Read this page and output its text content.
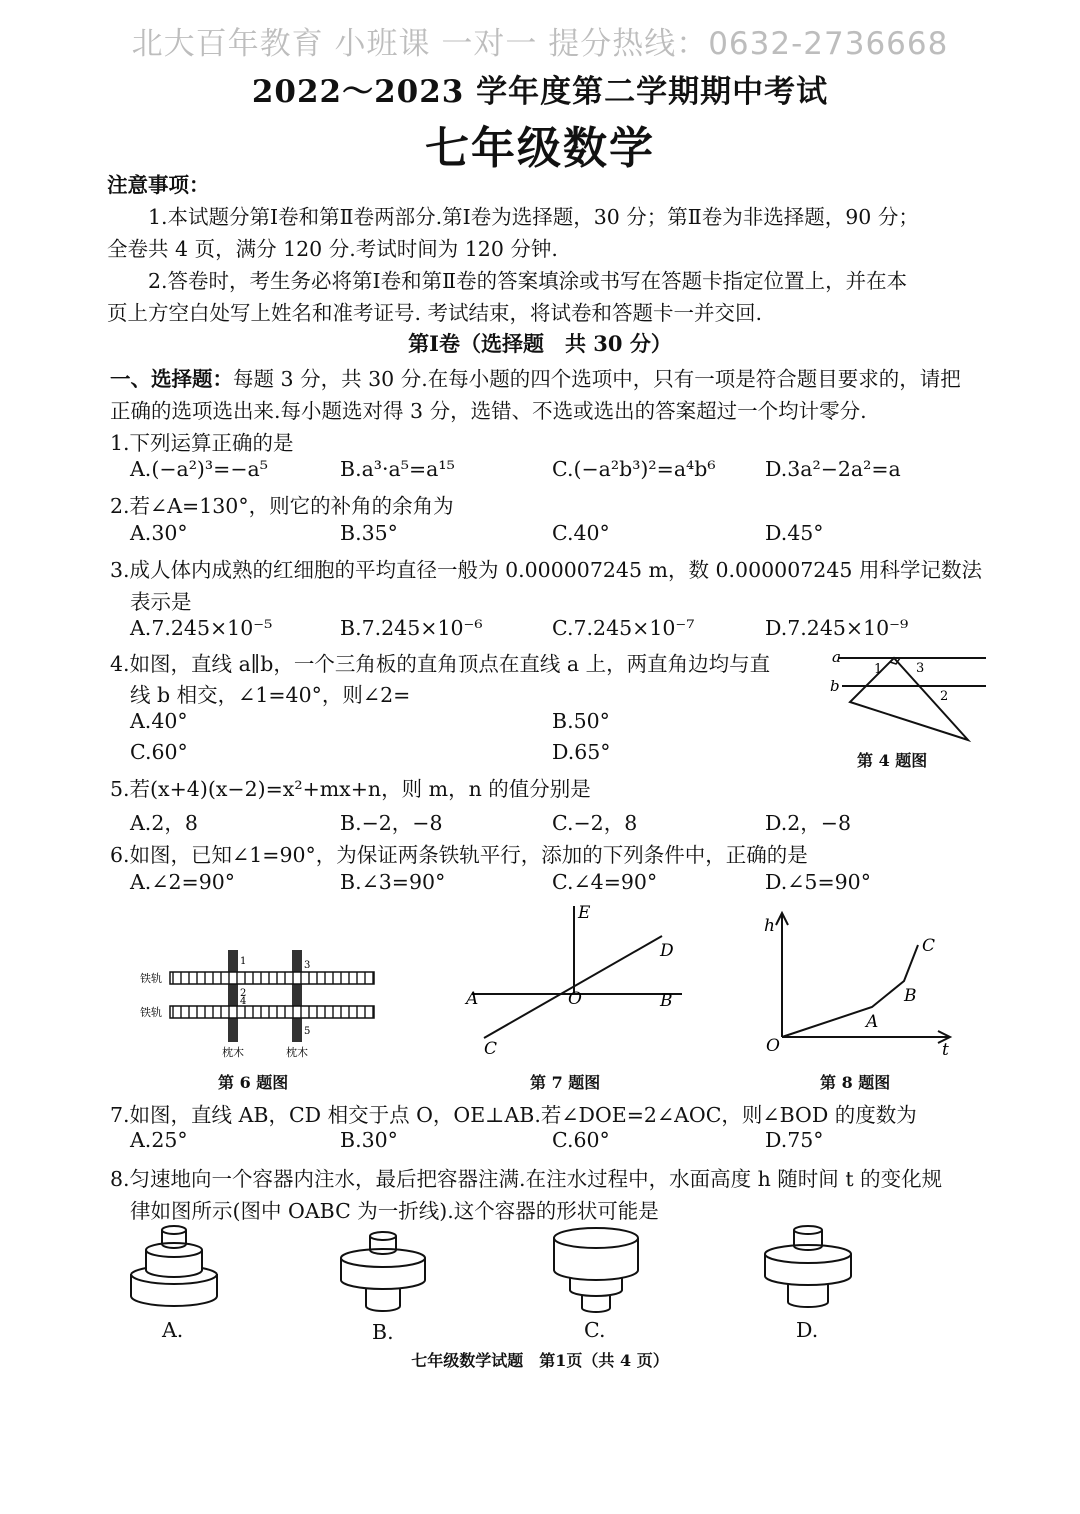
北大百年教育 小班课 一对一 提分热线：0632-2736668
2022～2023 学年度第二学期期中考试
七年级数学
注意事项：
1.本试题分第Ⅰ卷和第Ⅱ卷两部分.第Ⅰ卷为选择题，30 分；第Ⅱ卷为非选择题，90 分；
全卷共 4 页，满分 120 分.考试时间为 120 分钟.
2.答卷时，考生务必将第Ⅰ卷和第Ⅱ卷的答案填涂或书写在答题卡指定位置上，并在本
页上方空白处写上姓名和准考证号. 考试结束，将试卷和答题卡一并交回.
第Ⅰ卷（选择题　共 30 分）
一、选择题：每题 3 分，共 30 分.在每小题的四个选项中，只有一项是符合题目要求的，请把
正确的选项选出来.每小题选对得 3 分，选错、不选或选出的答案超过一个均计零分.
1.下列运算正确的是
A.(−a²)³=−a⁵	B.a³·a⁵=a¹⁵	C.(−a²b³)²=a⁴b⁶ D.3a²−2a²=a
2.若∠A=130°，则它的补角的余角为
A.30°	B.35°	C.40°	D.45°
3.成人体内成熟的红细胞的平均直径一般为 0.000007245 m，数 0.000007245 用科学记数法
表示是
A.7.245×10⁻⁵	B.7.245×10⁻⁶	C.7.245×10⁻⁷	D.7.245×10⁻⁹
4.如图，直线 a∥b，一个三角板的直角顶点在直线 a 上，两直角边均与直
线 b 相交，∠1=40°，则∠2=
A.40°	B.50°
C.60°	D.65°
a
b
1	3
2
第 4 题图
5.若(x+4)(x−2)=x²+mx+n，则 m，n 的值分别是
A.2，8	B.−2，−8	C.−2，8	D.2，−8
6.如图，已知∠1=90°，为保证两条铁轨平行，添加的下列条件中，正确的是
A.∠2=90°	B.∠3=90°	C.∠4=90°	D.∠5=90°
铁轨
铁轨
1
2
4
3
5
枕木	枕木
第 6 题图
E
D
A	O	B
C
第 7 题图
h
C
B
A
O	t
第 8 题图
7.如图，直线 AB，CD 相交于点 O，OE⊥AB.若∠DOE=2∠AOC，则∠BOD 的度数为
A.25°	B.30°	C.60°	D.75°
8.匀速地向一个容器内注水，最后把容器注满.在注水过程中，水面高度 h 随时间 t 的变化规
律如图所示(图中 OABC 为一折线).这个容器的形状可能是
A.	B.	C.	D.
七年级数学试题　第1页（共 4 页）
